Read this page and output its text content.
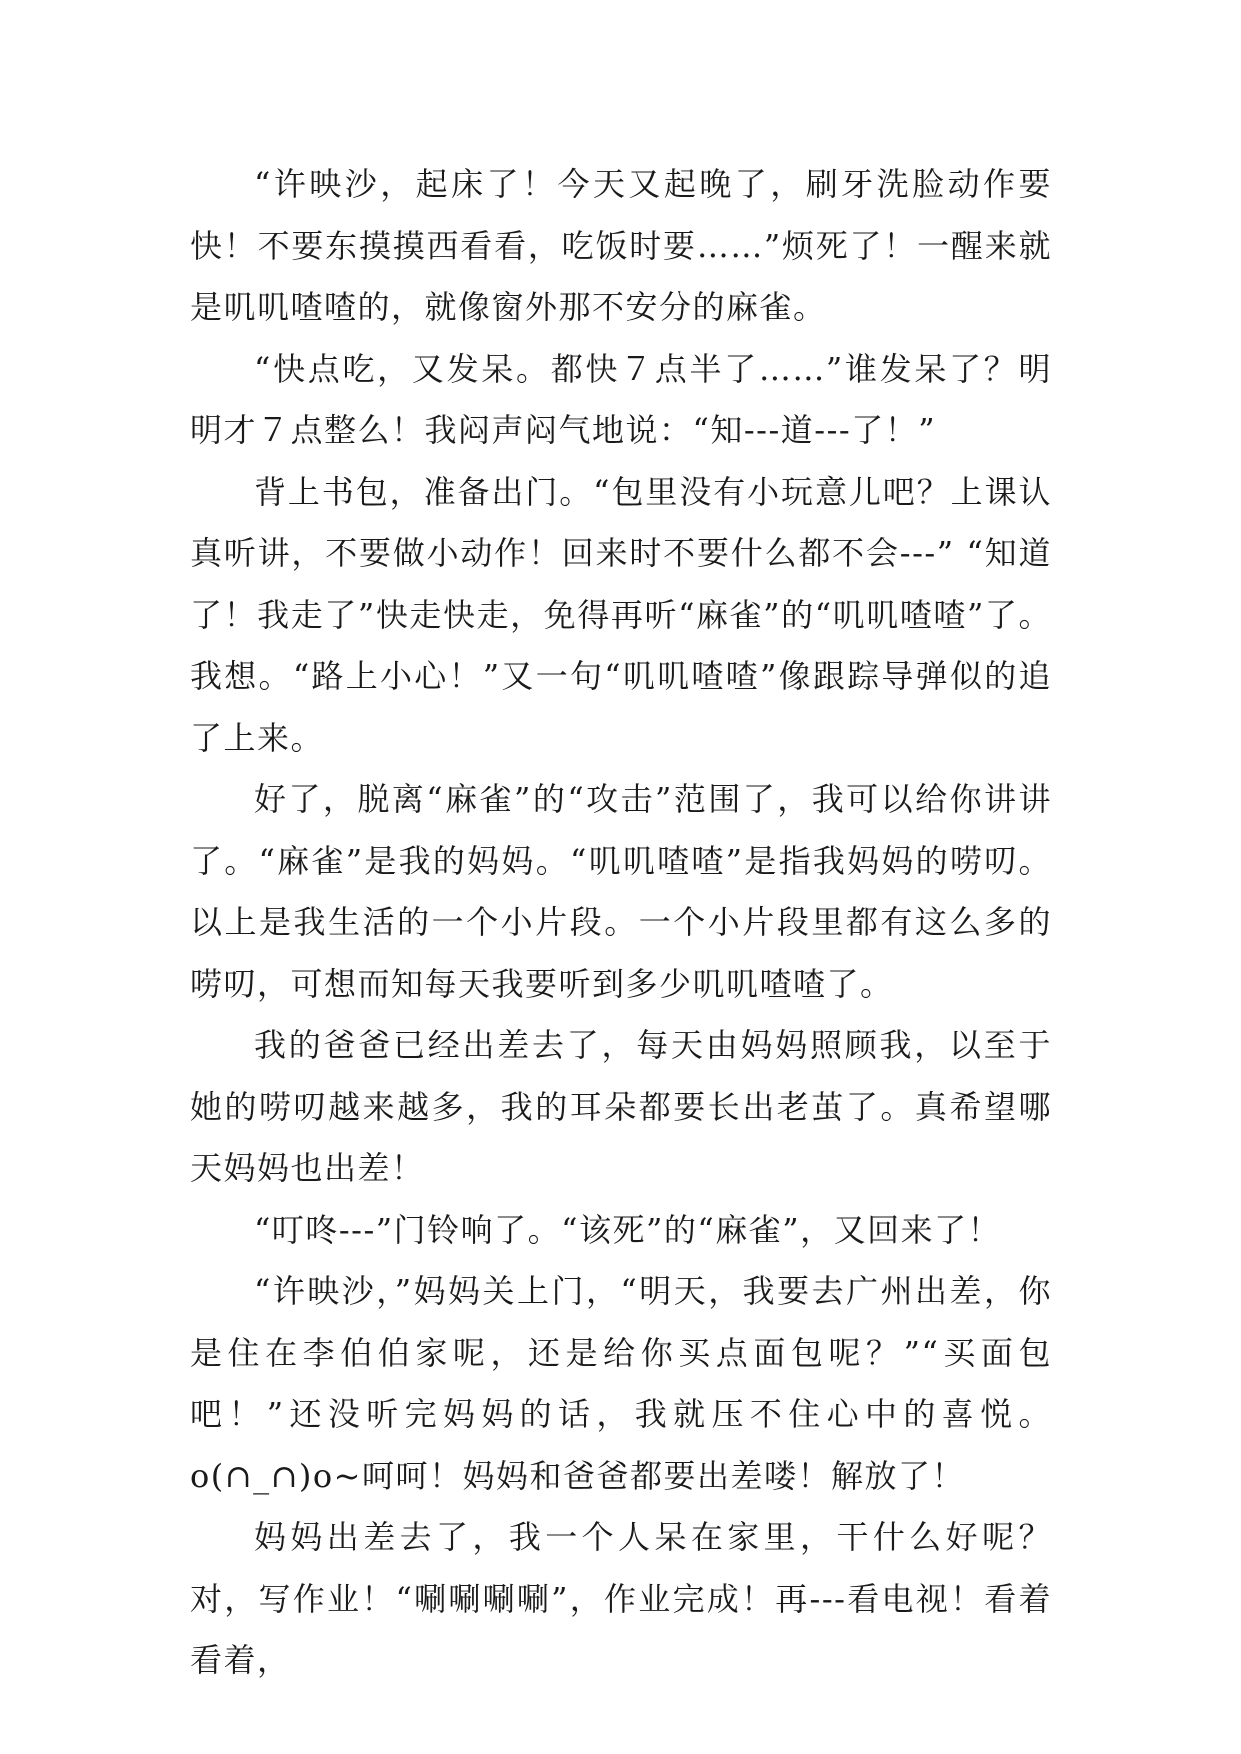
“许映沙，起床了！今天又起晚了，刷牙洗脸动作要快！不要东摸摸西看看，吃饭时要……”烦死了！一醒来就是叽叽喳喳的，就像窗外那不安分的麻雀。

“快点吃，又发呆。都快７点半了……”谁发呆了？明明才７点整么！我闷声闷气地说：“知---道---了！”

背上书包，准备出门。“包里没有小玩意儿吧？上课认真听讲，不要做小动作！回来时不要什么都不会---” “知道了！我走了”快走快走，免得再听“麻雀”的“叽叽喳喳”了。我想。“路上小心！”又一句“叽叽喳喳”像跟踪导弹似的追了上来。

好了，脱离“麻雀”的“攻击”范围了，我可以给你讲讲了。“麻雀”是我的妈妈。“叽叽喳喳”是指我妈妈的唠叨。以上是我生活的一个小片段。一个小片段里都有这么多的唠叨，可想而知每天我要听到多少叽叽喳喳了。

我的爸爸已经出差去了，每天由妈妈照顾我，以至于她的唠叨越来越多，我的耳朵都要长出老茧了。真希望哪天妈妈也出差！

“叮咚---”门铃响了。“该死”的“麻雀”，又回来了！

“许映沙，”妈妈关上门，“明天，我要去广州出差，你是住在李伯伯家呢，还是给你买点面包呢？”“买面包吧！”还没听完妈妈的话，我就压不住心中的喜悦。o(∩_∩)o~呵呵！妈妈和爸爸都要出差喽！解放了！

妈妈出差去了，我一个人呆在家里，干什么好呢？对，写作业！“唰唰唰唰”，作业完成！再---看电视！看着看着，
